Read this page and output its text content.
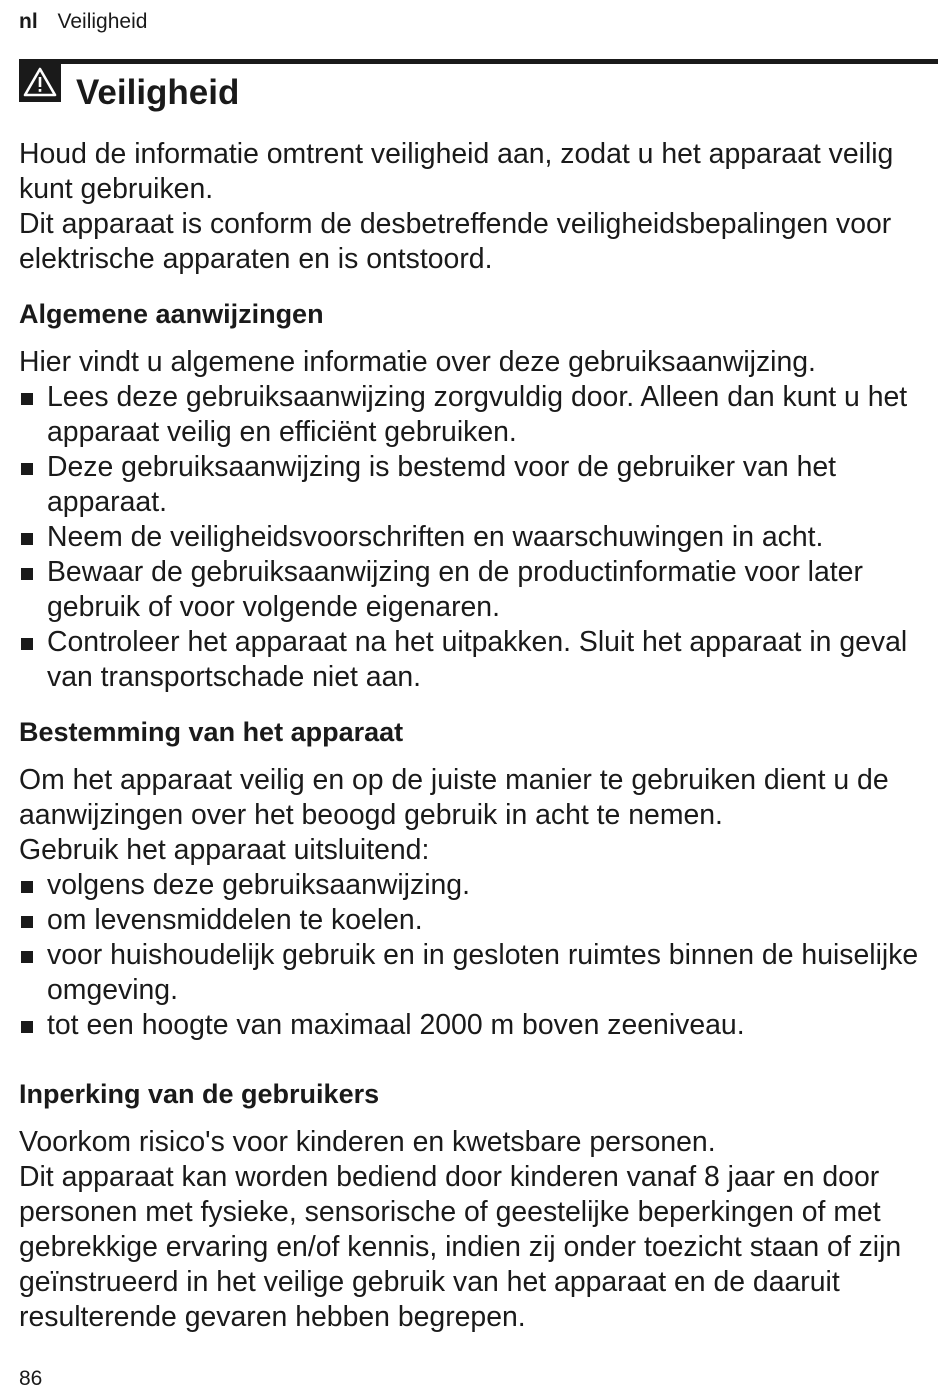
nl Veiligheid
Veiligheid

Houd de informatie omtrent veiligheid aan, zodat u het apparaat veilig kunt gebruiken.

Dit apparaat is conform de desbetreffende veiligheidsbepalingen voor elektrische apparaten en is ontstoord.

Algemene aanwijzingen

Hier vindt u algemene informatie over deze gebruiksaanwijzing.

Lees deze gebruiksaanwijzing zorgvuldig door. Alleen dan kunt u het apparaat veilig en efficiënt gebruiken.
Deze gebruiksaanwijzing is bestemd voor de gebruiker van het apparaat.
Neem de veiligheidsvoorschriften en waarschuwingen in acht.
Bewaar de gebruiksaanwijzing en de productinformatie voor later gebruik of voor volgende eigenaren.
Controleer het apparaat na het uitpakken. Sluit het apparaat in geval van transportschade niet aan.
Bestemming van het apparaat

Om het apparaat veilig en op de juiste manier te gebruiken dient u de aanwijzingen over het beoogd gebruik in acht te nemen.

Gebruik het apparaat uitsluitend:

volgens deze gebruiksaanwijzing.
om levensmiddelen te koelen.
voor huishoudelijk gebruik en in gesloten ruimtes binnen de huiselijke omgeving.
tot een hoogte van maximaal 2000 m boven zeeniveau.
Inperking van de gebruikers

Voorkom risico's voor kinderen en kwetsbare personen.

Dit apparaat kan worden bediend door kinderen vanaf 8 jaar en door personen met fysieke, sensorische of geestelijke beperkingen of met gebrekkige ervaring en/of kennis, indien zij onder toezicht staan of zijn geïnstrueerd in het veilige gebruik van het apparaat en de daaruit resulterende gevaren hebben begrepen.

86
